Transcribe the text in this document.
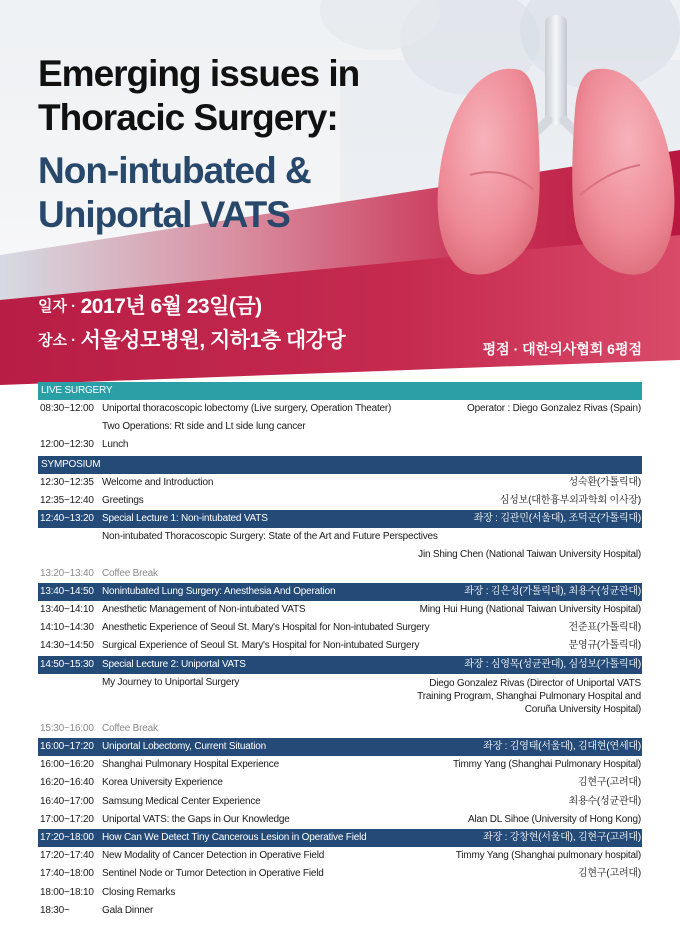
Emerging issues in
Thoracic Surgery:
Non-intubated &
Uniportal VATS
일자 · 2017년 6월 23일(금)
장소 · 서울성모병원, 지하1층 대강당	평점 · 대한의사협회 6평점
LIVE SURGERY
08:30~12:00 Uniportal thoracoscopic lobectomy (Live surgery, Operation Theater)	Operator : Diego Gonzalez Rivas (Spain)
Two Operations: Rt side and Lt side lung cancer
12:00~12:30 Lunch
SYMPOSIUM
12:30~12:35 Welcome and Introduction	성숙환(가톨릭대)
12:35~12:40 Greetings	심성보(대한흉부외과학회 이사장)
12:40~13:20 Special Lecture 1: Non-intubated VATS	좌장 : 김관민(서울대), 조덕곤(가톨릭대)
Non-intubated Thoracoscopic Surgery: State of the Art and Future Perspectives
Jin Shing Chen (National Taiwan University Hospital)
13:20~13:40 Coffee Break
13:40~14:50 Nonintubated Lung Surgery: Anesthesia And Operation	좌장 : 김은성(가톨릭대), 최용수(성균관대)
13:40~14:10 Anesthetic Management of Non-intubated VATS	Ming Hui Hung (National Taiwan University Hospital)
14:10~14:30 Anesthetic Experience of Seoul St. Mary's Hospital for Non-intubated Surgery	전준표(가톨릭대)
14:30~14:50 Surgical Experience of Seoul St. Mary's Hospital for Non-intubated Surgery	문영규(가톨릭대)
14:50~15:30 Special Lecture 2: Uniportal VATS	좌장 : 심영목(성균관대), 심성보(가톨릭대)
My Journey to Uniportal Surgery	Diego Gonzalez Rivas (Director of Uniportal VATS
Training Program, Shanghai Pulmonary Hospital and
Coruña University Hospital)
15:30~16:00 Coffee Break
16:00~17:20 Uniportal Lobectomy, Current Situation	좌장 : 김영태(서울대), 김대현(연세대)
16:00~16:20 Shanghai Pulmonary Hospital Experience	Timmy Yang (Shanghai Pulmonary Hospital)
16:20~16:40 Korea University Experience	김현구(고려대)
16:40~17:00 Samsung Medical Center Experience	최용수(성균관대)
17:00~17:20 Uniportal VATS: the Gaps in Our Knowledge	Alan DL Sihoe (University of Hong Kong)
17:20~18:00 How Can We Detect Tiny Cancerous Lesion in Operative Field	좌장 : 강창현(서울대), 김현구(고려대)
17:20~17:40 New Modality of Cancer Detection in Operative Field	Timmy Yang (Shanghai pulmonary hospital)
17:40~18:00 Sentinel Node or Tumor Detection in Operative Field	김현구(고려대)
18:00~18:10 Closing Remarks
18:30~	Gala Dinner
